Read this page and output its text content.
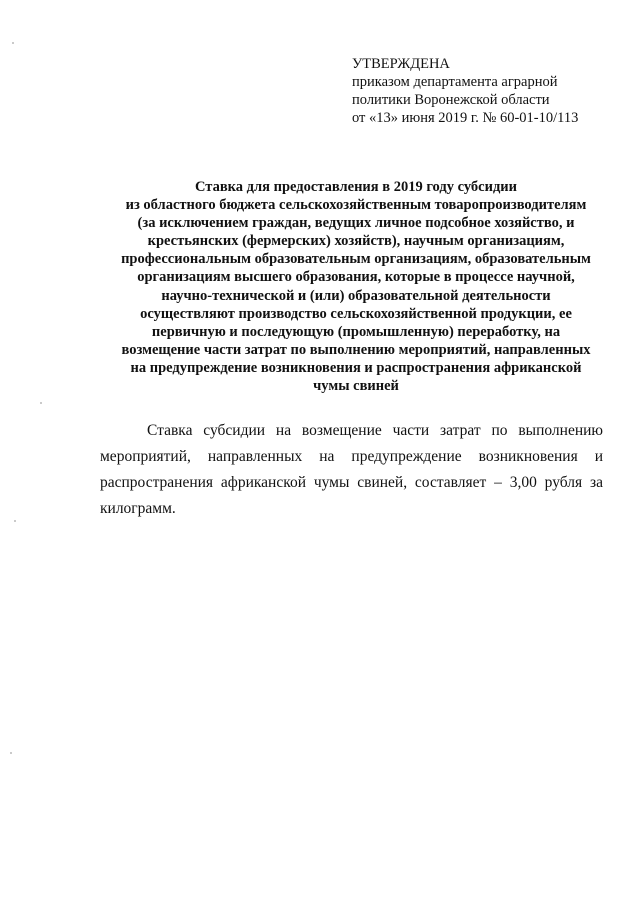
УТВЕРЖДЕНА
приказом департамента аграрной
политики Воронежской области
от «13» июня 2019 г. № 60-01-10/113
Ставка для предоставления в 2019 году субсидии
из областного бюджета сельскохозяйственным товаропроизводителям
(за исключением граждан, ведущих личное подсобное хозяйство, и
крестьянских (фермерских) хозяйств), научным организациям,
профессиональным образовательным организациям, образовательным
организациям высшего образования, которые в процессе научной,
научно-технической и (или) образовательной деятельности
осуществляют производство сельскохозяйственной продукции, ее
первичную и последующую (промышленную) переработку, на
возмещение части затрат по выполнению мероприятий, направленных
на предупреждение возникновения и распространения африканской
чумы свиней
Ставка субсидии на возмещение части затрат по выполнению
мероприятий, направленных на предупреждение возникновения и
распространения африканской чумы свиней, составляет – 3,00 рубля за
килограмм.
